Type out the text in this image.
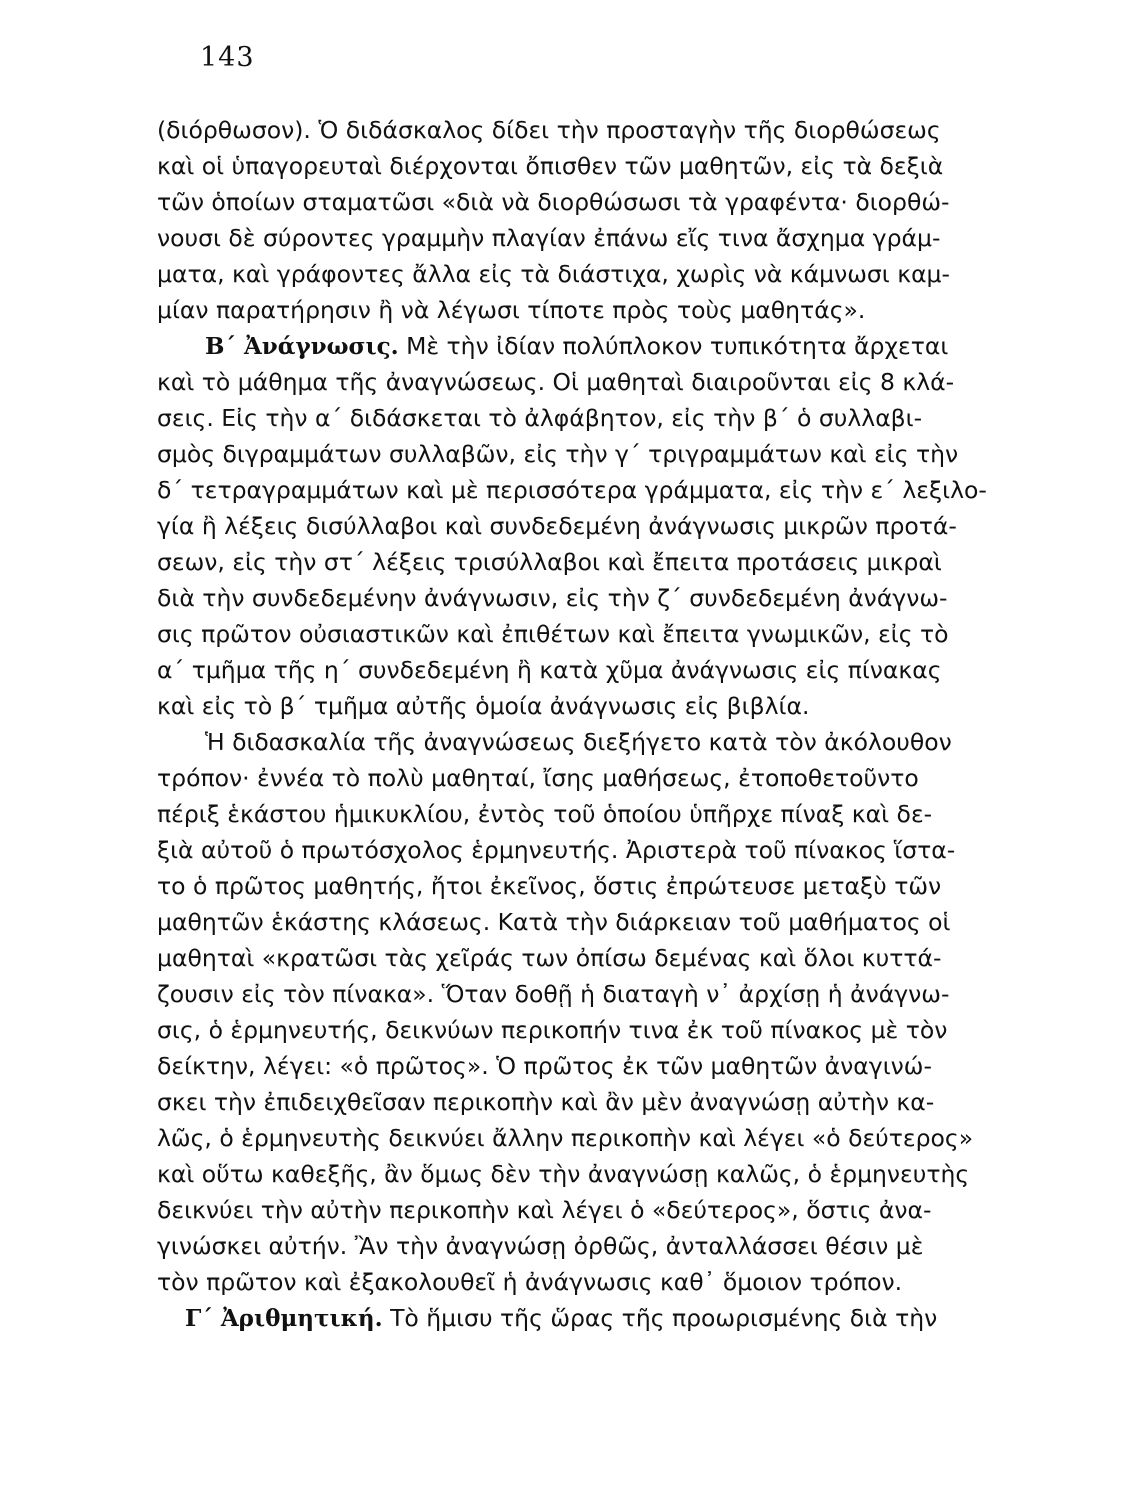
143
(διόρθωσον). Ὁ διδάσκαλος δίδει τὴν προσταγὴν τῆς διορθώσεως
καὶ οἱ ὑπαγορευταὶ διέρχονται ὄπισθεν τῶν μαθητῶν, εἰς τὰ δεξιὰ
τῶν ὁποίων σταματῶσι «διὰ νὰ διορθώσωσι τὰ γραφέντα· διορθώ-
νουσι δὲ σύροντες γραμμὴν πλαγίαν ἐπάνω εἴς τινα ἄσχημα γράμ-
ματα, καὶ γράφοντες ἄλλα εἰς τὰ διάστιχα, χωρὶς νὰ κάμνωσι καμ-
μίαν παρατήρησιν ἢ νὰ λέγωσι τίποτε πρὸς τοὺς μαθητάς».
Β΄ Ἀνάγνωσις. Μὲ τὴν ἰδίαν πολύπλοκον τυπικότητα ἄρχεται
καὶ τὸ μάθημα τῆς ἀναγνώσεως. Οἱ μαθηταὶ διαιροῦνται εἰς 8 κλά-
σεις. Εἰς τὴν α΄ διδάσκεται τὸ ἀλφάβητον, εἰς τὴν β΄ ὁ συλλαβι-
σμὸς διγραμμάτων συλλαβῶν, εἰς τὴν γ΄ τριγραμμάτων καὶ εἰς τὴν
δ΄ τετραγραμμάτων καὶ μὲ περισσότερα γράμματα, εἰς τὴν ε΄ λεξιλο-
γία ἢ λέξεις δισύλλαβοι καὶ συνδεδεμένη ἀνάγνωσις μικρῶν προτά-
σεων, εἰς τὴν στ΄ λέξεις τρισύλλαβοι καὶ ἔπειτα προτάσεις μικραὶ
διὰ τὴν συνδεδεμένην ἀνάγνωσιν, εἰς τὴν ζ΄ συνδεδεμένη ἀνάγνω-
σις πρῶτον οὐσιαστικῶν καὶ ἐπιθέτων καὶ ἔπειτα γνωμικῶν, εἰς τὸ
α΄ τμῆμα τῆς η΄ συνδεδεμένη ἢ κατὰ χῦμα ἀνάγνωσις εἰς πίνακας
καὶ εἰς τὸ β΄ τμῆμα αὐτῆς ὁμοία ἀνάγνωσις εἰς βιβλία.
Ἡ διδασκαλία τῆς ἀναγνώσεως διεξήγετο κατὰ τὸν ἀκόλουθον
τρόπον· ἐννέα τὸ πολὺ μαθηταί, ἴσης μαθήσεως, ἐτοποθετοῦντο
πέριξ ἑκάστου ἡμικυκλίου, ἐντὸς τοῦ ὁποίου ὑπῆρχε πίναξ καὶ δε-
ξιὰ αὐτοῦ ὁ πρωτόσχολος ἑρμηνευτής. Ἀριστερὰ τοῦ πίνακος ἵστα-
το ὁ πρῶτος μαθητής, ἤτοι ἐκεῖνος, ὅστις ἐπρώτευσε μεταξὺ τῶν
μαθητῶν ἑκάστης κλάσεως. Κατὰ τὴν διάρκειαν τοῦ μαθήματος οἱ
μαθηταὶ «κρατῶσι τὰς χεῖράς των ὀπίσω δεμένας καὶ ὅλοι κυττά-
ζουσιν εἰς τὸν πίνακα». Ὅταν δοθῇ ἡ διαταγὴ ν᾿ ἀρχίσῃ ἡ ἀνάγνω-
σις, ὁ ἑρμηνευτής, δεικνύων περικοπήν τινα ἐκ τοῦ πίνακος μὲ τὸν
δείκτην, λέγει: «ὁ πρῶτος». Ὁ πρῶτος ἐκ τῶν μαθητῶν ἀναγινώ-
σκει τὴν ἐπιδειχθεῖσαν περικοπὴν καὶ ἂν μὲν ἀναγνώσῃ αὐτὴν κα-
λῶς, ὁ ἑρμηνευτὴς δεικνύει ἄλλην περικοπὴν καὶ λέγει «ὁ δεύτερος»
καὶ οὕτω καθεξῆς, ἂν ὅμως δὲν τὴν ἀναγνώσῃ καλῶς, ὁ ἑρμηνευτὴς
δεικνύει τὴν αὐτὴν περικοπὴν καὶ λέγει ὁ «δεύτερος», ὅστις ἀνα-
γινώσκει αὐτήν. Ἂν τὴν ἀναγνώσῃ ὀρθῶς, ἀνταλλάσσει θέσιν μὲ
τὸν πρῶτον καὶ ἐξακολουθεῖ ἡ ἀνάγνωσις καθ᾿ ὅμοιον τρόπον.
Γ΄ Ἀριθμητική. Τὸ ἥμισυ τῆς ὥρας τῆς προωρισμένης διὰ τὴν
